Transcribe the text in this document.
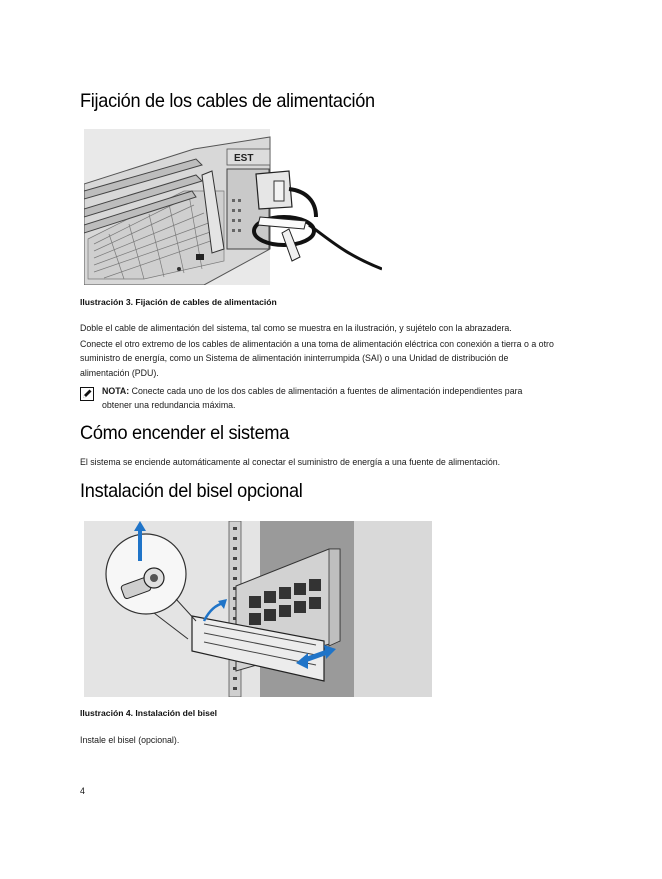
Fijación de los cables de alimentación
EST

Ilustración 3. Fijación de cables de alimentación

Doble el cable de alimentación del sistema, tal como se muestra en la ilustración, y sujételo con la abrazadera.

Conecte el otro extremo de los cables de alimentación a una toma de alimentación eléctrica con conexión a tierra o a otro suministro de energía, como un Sistema de alimentación ininterrumpida (SAI) o una Unidad de distribución de alimentación (PDU).

NOTA: Conecte cada uno de los dos cables de alimentación a fuentes de alimentación independientes para obtener una redundancia máxima.

Cómo encender el sistema

El sistema se enciende automáticamente al conectar el suministro de energía a una fuente de alimentación.

Instalación del bisel opcional

Ilustración 4. Instalación del bisel

Instale el bisel (opcional).

4
